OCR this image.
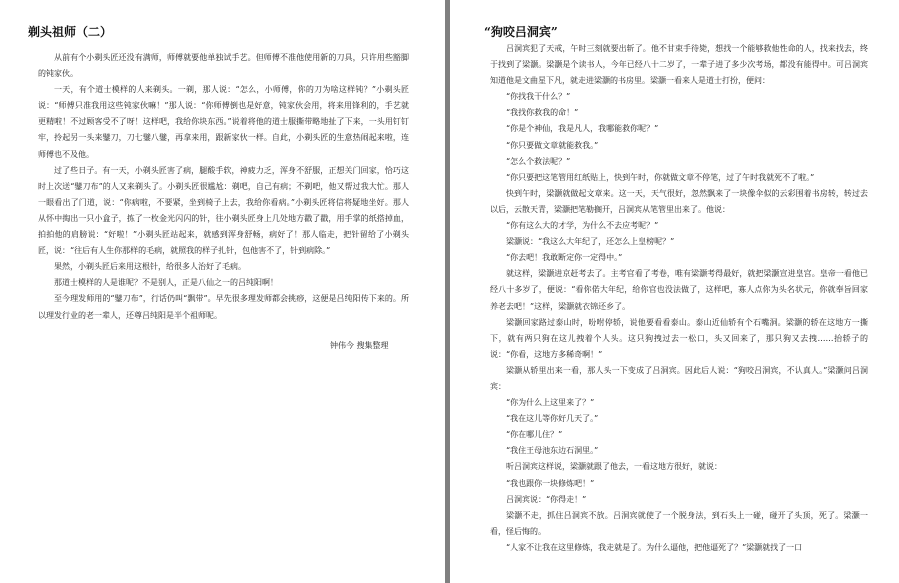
剃头祖师（二）

从前有个小剃头匠还没有满师，师傅就要他单独试手艺。但师傅不准他使用新的刀具，只许用些豁脚的钝家伙。

一天，有个道士模样的人来剃头。一剃，那人说：“怎么，小师傅，你的刀为啥这样钝？”小剃头匠说：“师傅只准我用这些钝家伙嘛！”那人说：“你师傅倒也是好意，钝家伙会用，将来用锋利的，手艺就更精啦！不过顾客受不了呀！这样吧，我给你块东西。”说着将他的道士服撕带略地扯了下来，一头用钉钉牢，拎起另一头来鐾刀，刀七鐾八鐾，再拿来用，跟新家伙一样。自此，小剃头匠的生意热闹起来啦，连师傅也不及他。

过了些日子。有一天，小剃头匠害了病，腿酸手软，神疲力乏，浑身不舒服，正想关门回家，恰巧这时上次送“鐾刀布”的人又来剃头了。小剃头匠很尴尬：剃吧，自己有病；不剃吧，他又帮过我大忙。那人一眼看出了门道，说：“你病啦，不要紧，坐到椅子上去，我给你看病。”小剃头匠将信将疑地坐好。那人从怀中掏出一只小盒子，拣了一枚金光闪闪的针，往小剃头匠身上几处地方戳了戳，用手掌的纸搭掉血，拍拍他的肩膀说：“好啦！”小剃头匠站起来，就感到浑身舒畅，病好了！那人临走，把针留给了小剃头匠，说：“往后有人生你那样的毛病，就照我的样子扎针，包他害不了，针到病除。”

果然，小剃头匠后来用这根针，给很多人治好了毛病。

那道士模样的人是谁呢？不是别人，正是八仙之一的吕纯阳啊！

至今理发师用的“鐾刀布”，行话仍叫“飘带”。早先很多理发师都会挑痧，这便是吕纯阳传下来的。所以理发行业的老一辈人，还尊吕纯阳是半个祖师呢。

钟伟今 搜集整理
“狗咬吕洞宾”

吕洞宾犯了天戒，午时三刻就要出斩了。他不甘束手待毙，想找一个能够救他性命的人，找来找去，终于找到了梁灏。梁灏是个读书人，今年已经八十二岁了，一辈子进了多少次考场，都没有能得中。可吕洞宾知道他是文曲星下凡，就走进梁灏的书房里。梁灏一看来人是道士打扮，便问：

“你找我干什么？”

“我找你救我的命！”

“你是个神仙，我是凡人，我哪能救你呢？”

“你只要做文章就能救我。”

“怎么个救法呢？”

“你只要把这笔管用红纸贴上，快到午时，你就做文章不停笔，过了午时我就死不了啦。”

快到午时，梁灏就做起文章来。这一天，天气很好，忽然飘来了一块像伞似的云彩围着书房转，转过去以后，云散天青，梁灏把笔勒搁开，吕洞宾从笔管里出来了。他说：

“你有这么大的才学，为什么不去应考呢？”

梁灏说：“我这么大年纪了，还怎么上皇榜呢？”

“你去吧！我敢断定你一定得中。”

就这样，梁灏进京赶考去了。主考官看了考卷，唯有梁灏考得最好，就把梁灏宣进皇宫。皇帝一看他已经八十多岁了，便说：“看你偌大年纪，给你官也没法做了，这样吧，寡人点你为头名状元，你就奉旨回家养老去吧！”这样，梁灏就衣锦还乡了。

梁灏回家路过泰山时，吩咐停轿，说他要看看泰山。泰山近仙轿有个石嘴洞。梁灏的轿在这地方一撕下，就有两只狗在这儿拽着个人头。这只狗拽过去一松口，头又回来了，那只狗又去拽……抬轿子的说：“你看，这地方多稀奇啊！”

梁灏从轿里出来一看，那人头一下变成了吕洞宾。因此后人说：“狗咬吕洞宾，不认真人。”梁灏问吕洞宾：

“你为什么上这里来了？”

“我在这儿等你好几天了。”

“你在哪儿住？”

“我住王母池东边石洞里。”

听吕洞宾这样说，梁灏就跟了他去，一看这地方很好，就说：

“我也跟你一块修炼吧！”

吕洞宾说：“你得走！”

梁灏不走，抓住吕洞宾不放。吕洞宾就使了一个脱身法，到石头上一碰，碰开了头顶，死了。梁灏一看，怪后悔的。

“人家不让我在这里修炼，我走就是了。为什么逼他，把他逼死了？”梁灏就找了一口
